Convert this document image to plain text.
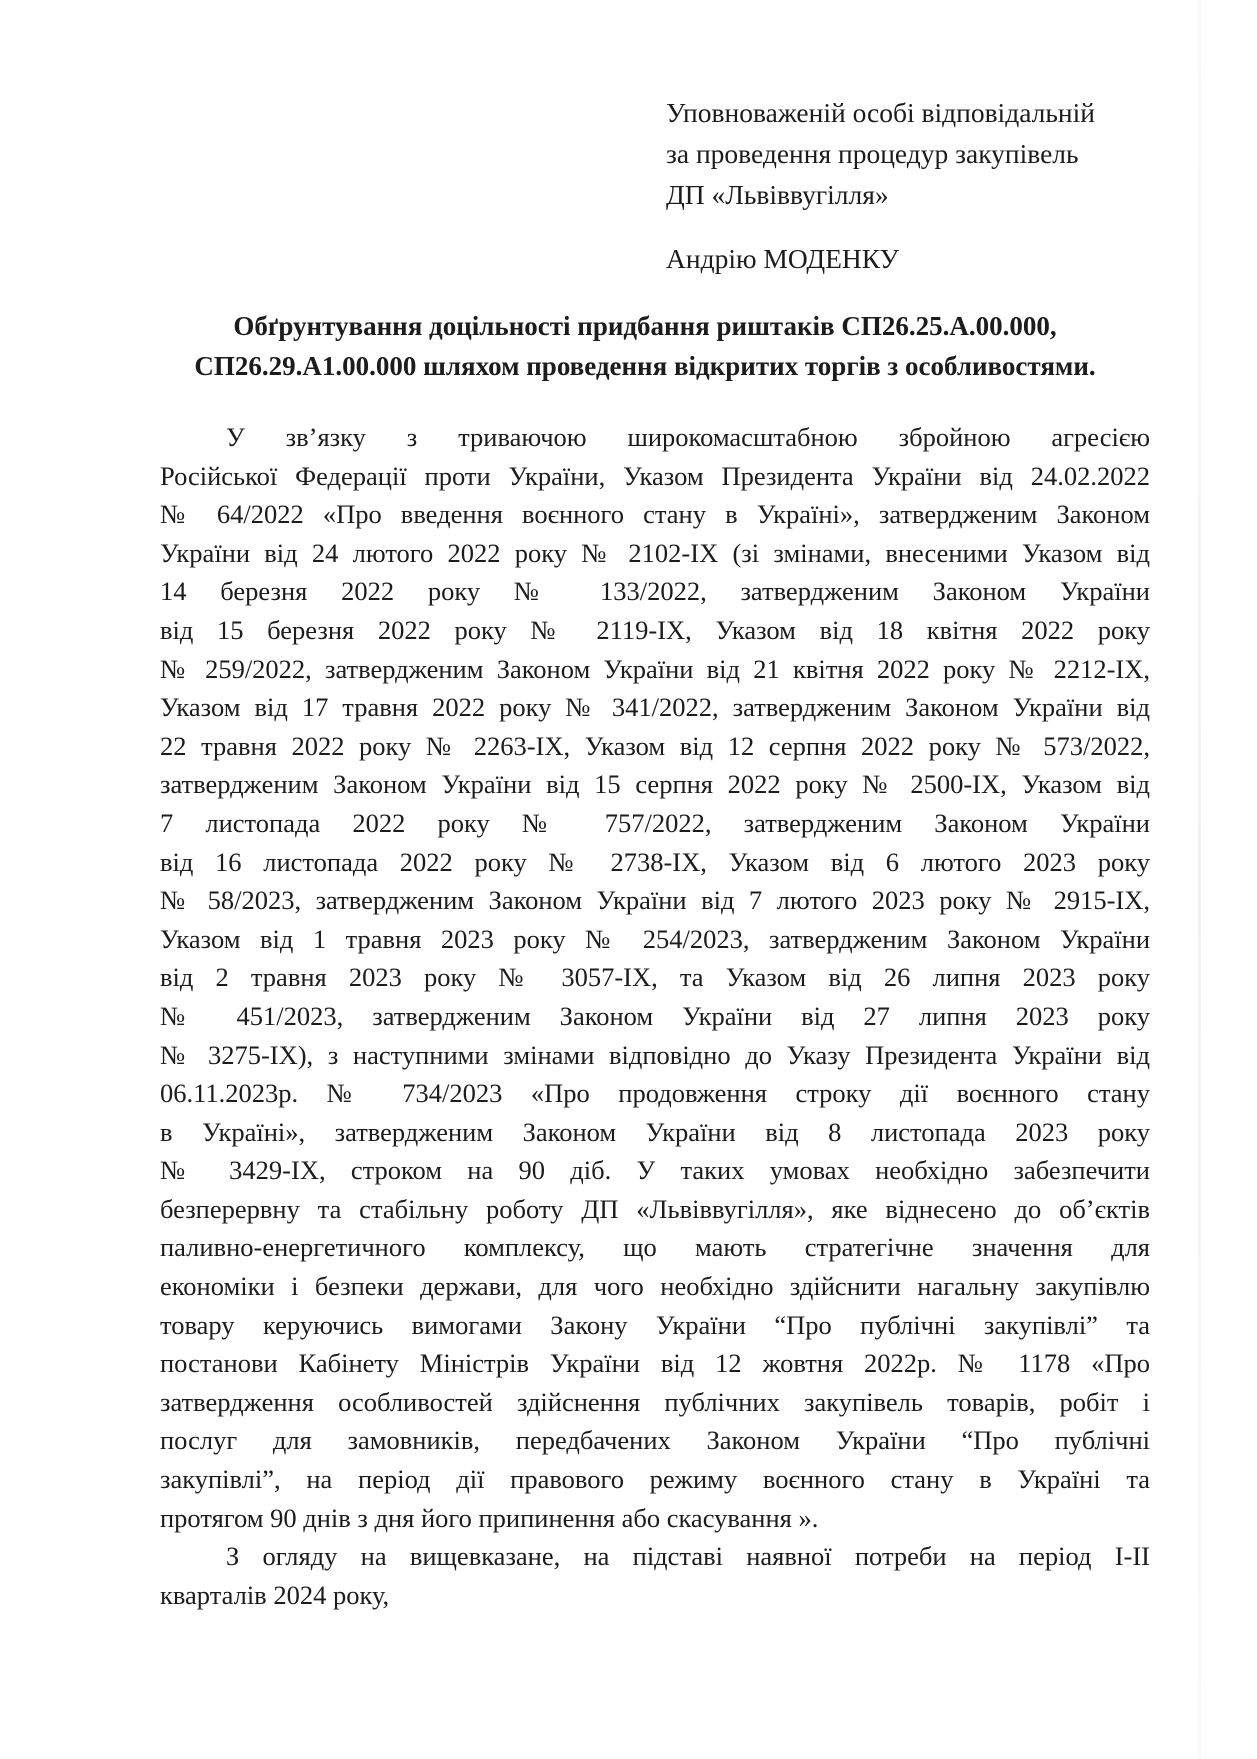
Уповноваженій особі відповідальній
за проведення процедур закупівель
ДП «Львіввугілля»
Андрію МОДЕНКУ
Обґрунтування доцільності придбання риштаків СП26.25.А.00.000,
СП26.29.А1.00.000 шляхом проведення відкритих торгів з особливостями.
У зв’язку з триваючою широкомасштабною збройною агресією
Російської Федерації проти України, Указом Президента України від 24.02.2022
№ 64/2022 «Про введення воєнного стану в Україні», затвердженим Законом
України від 24 лютого 2022 року № 2102-IX (зі змінами, внесеними Указом від
14 березня 2022 року № 133/2022, затвердженим Законом України
від 15 березня 2022 року № 2119-IX, Указом від 18 квітня 2022 року
№ 259/2022, затвердженим Законом України від 21 квітня 2022 року № 2212-IX,
Указом від 17 травня 2022 року № 341/2022, затвердженим Законом України від
22 травня 2022 року № 2263-IX, Указом від 12 серпня 2022 року № 573/2022,
затвердженим Законом України від 15 серпня 2022 року № 2500-IX, Указом від
7 листопада 2022 року № 757/2022, затвердженим Законом України
від 16 листопада 2022 року № 2738-IX, Указом від 6 лютого 2023 року
№ 58/2023, затвердженим Законом України від 7 лютого 2023 року № 2915-IX,
Указом від 1 травня 2023 року № 254/2023, затвердженим Законом України
від 2 травня 2023 року № 3057-IX, та Указом від 26 липня 2023 року
№ 451/2023, затвердженим Законом України від 27 липня 2023 року
№ 3275-IX), з наступними змінами відповідно до Указу Президента України від
06.11.2023р. № 734/2023 «Про продовження строку дії воєнного стану
в Україні», затвердженим Законом України від 8 листопада 2023 року
№ 3429-IX, строком на 90 діб. У таких умовах необхідно забезпечити
безперервну та стабільну роботу ДП «Львіввугілля», яке віднесено до об’єктів
паливно-енергетичного комплексу, що мають стратегічне значення для
економіки і безпеки держави, для чого необхідно здійснити нагальну закупівлю
товару керуючись вимогами Закону України “Про публічні закупівлі” та
постанови Кабінету Міністрів України від 12 жовтня 2022р. № 1178 «Про
затвердження особливостей здійснення публічних закупівель товарів, робіт і
послуг для замовників, передбачених Законом України “Про публічні
закупівлі”, на період дії правового режиму воєнного стану в Україні та
протягом 90 днів з дня його припинення або скасування ».
З огляду на вищевказане, на підставі наявної потреби на період І-ІІ
кварталів 2024 року,
